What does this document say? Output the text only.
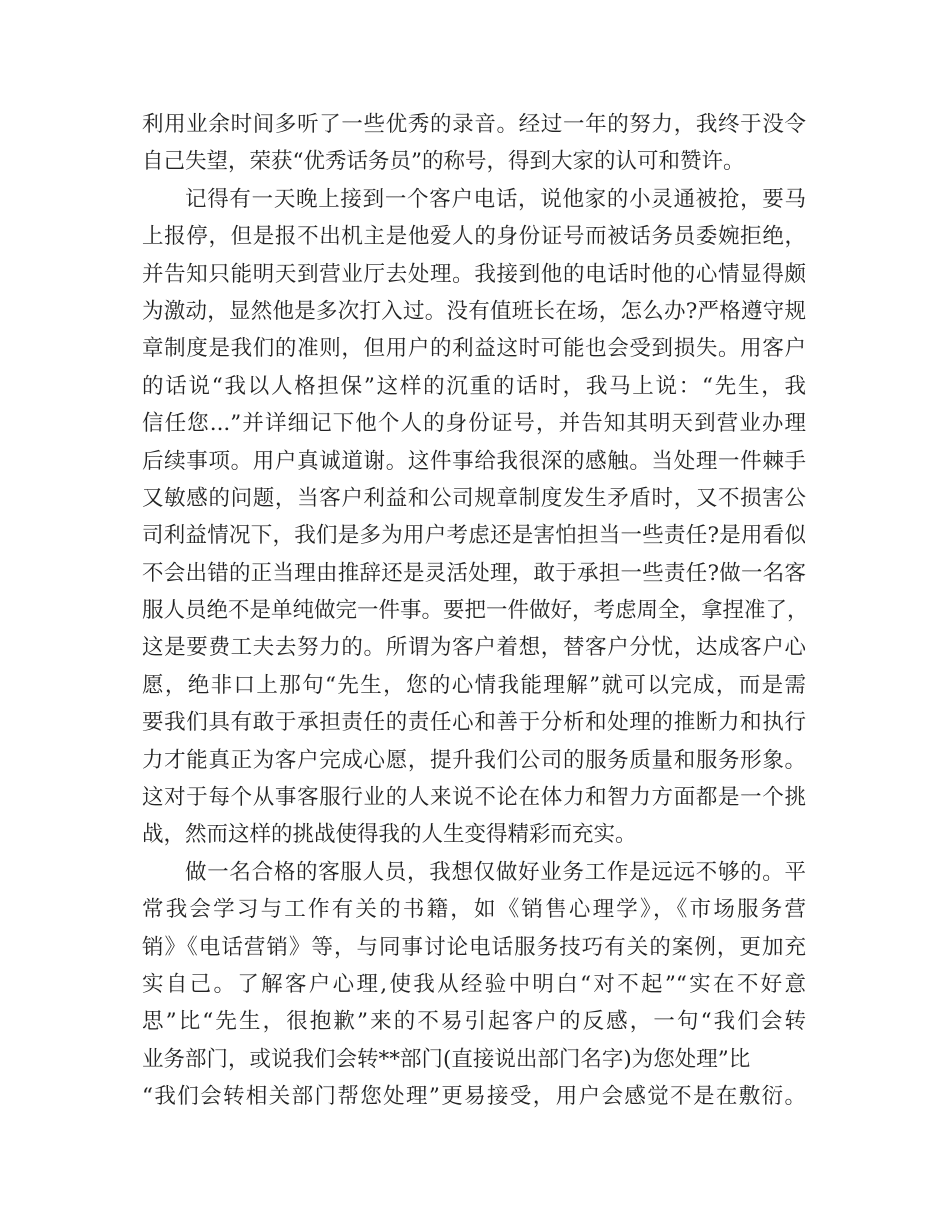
利用业余时间多听了一些优秀的录音。经过一年的努力，我终于没令
自己失望，荣获“优秀话务员”的称号，得到大家的认可和赞许。
记得有一天晚上接到一个客户电话，说他家的小灵通被抢，要马
上报停，但是报不出机主是他爱人的身份证号而被话务员委婉拒绝，
并告知只能明天到营业厅去处理。我接到他的电话时他的心情显得颇
为激动，显然他是多次打入过。没有值班长在场，怎么办?严格遵守规
章制度是我们的准则，但用户的利益这时可能也会受到损失。用客户
的话说“我以人格担保”这样的沉重的话时，我马上说：“先生，我
信任您...”并详细记下他个人的身份证号，并告知其明天到营业办理
后续事项。用户真诚道谢。这件事给我很深的感触。当处理一件棘手
又敏感的问题，当客户利益和公司规章制度发生矛盾时，又不损害公
司利益情况下，我们是多为用户考虑还是害怕担当一些责任?是用看似
不会出错的正当理由推辞还是灵活处理，敢于承担一些责任?做一名客
服人员绝不是单纯做完一件事。要把一件做好，考虑周全，拿捏准了，
这是要费工夫去努力的。所谓为客户着想，替客户分忧，达成客户心
愿，绝非口上那句“先生，您的心情我能理解”就可以完成，而是需
要我们具有敢于承担责任的责任心和善于分析和处理的推断力和执行
力才能真正为客户完成心愿，提升我们公司的服务质量和服务形象。
这对于每个从事客服行业的人来说不论在体力和智力方面都是一个挑
战，然而这样的挑战使得我的人生变得精彩而充实。
做一名合格的客服人员，我想仅做好业务工作是远远不够的。平
常我会学习与工作有关的书籍，如《销售心理学》，《市场服务营
销》《电话营销》等，与同事讨论电话服务技巧有关的案例，更加充
实自己。了解客户心理,使我从经验中明白“对不起”“实在不好意
思”比“先生，很抱歉”来的不易引起客户的反感，一句“我们会转
业务部门，或说我们会转**部门(直接说出部门名字)为您处理”比
“我们会转相关部门帮您处理”更易接受，用户会感觉不是在敷衍。
